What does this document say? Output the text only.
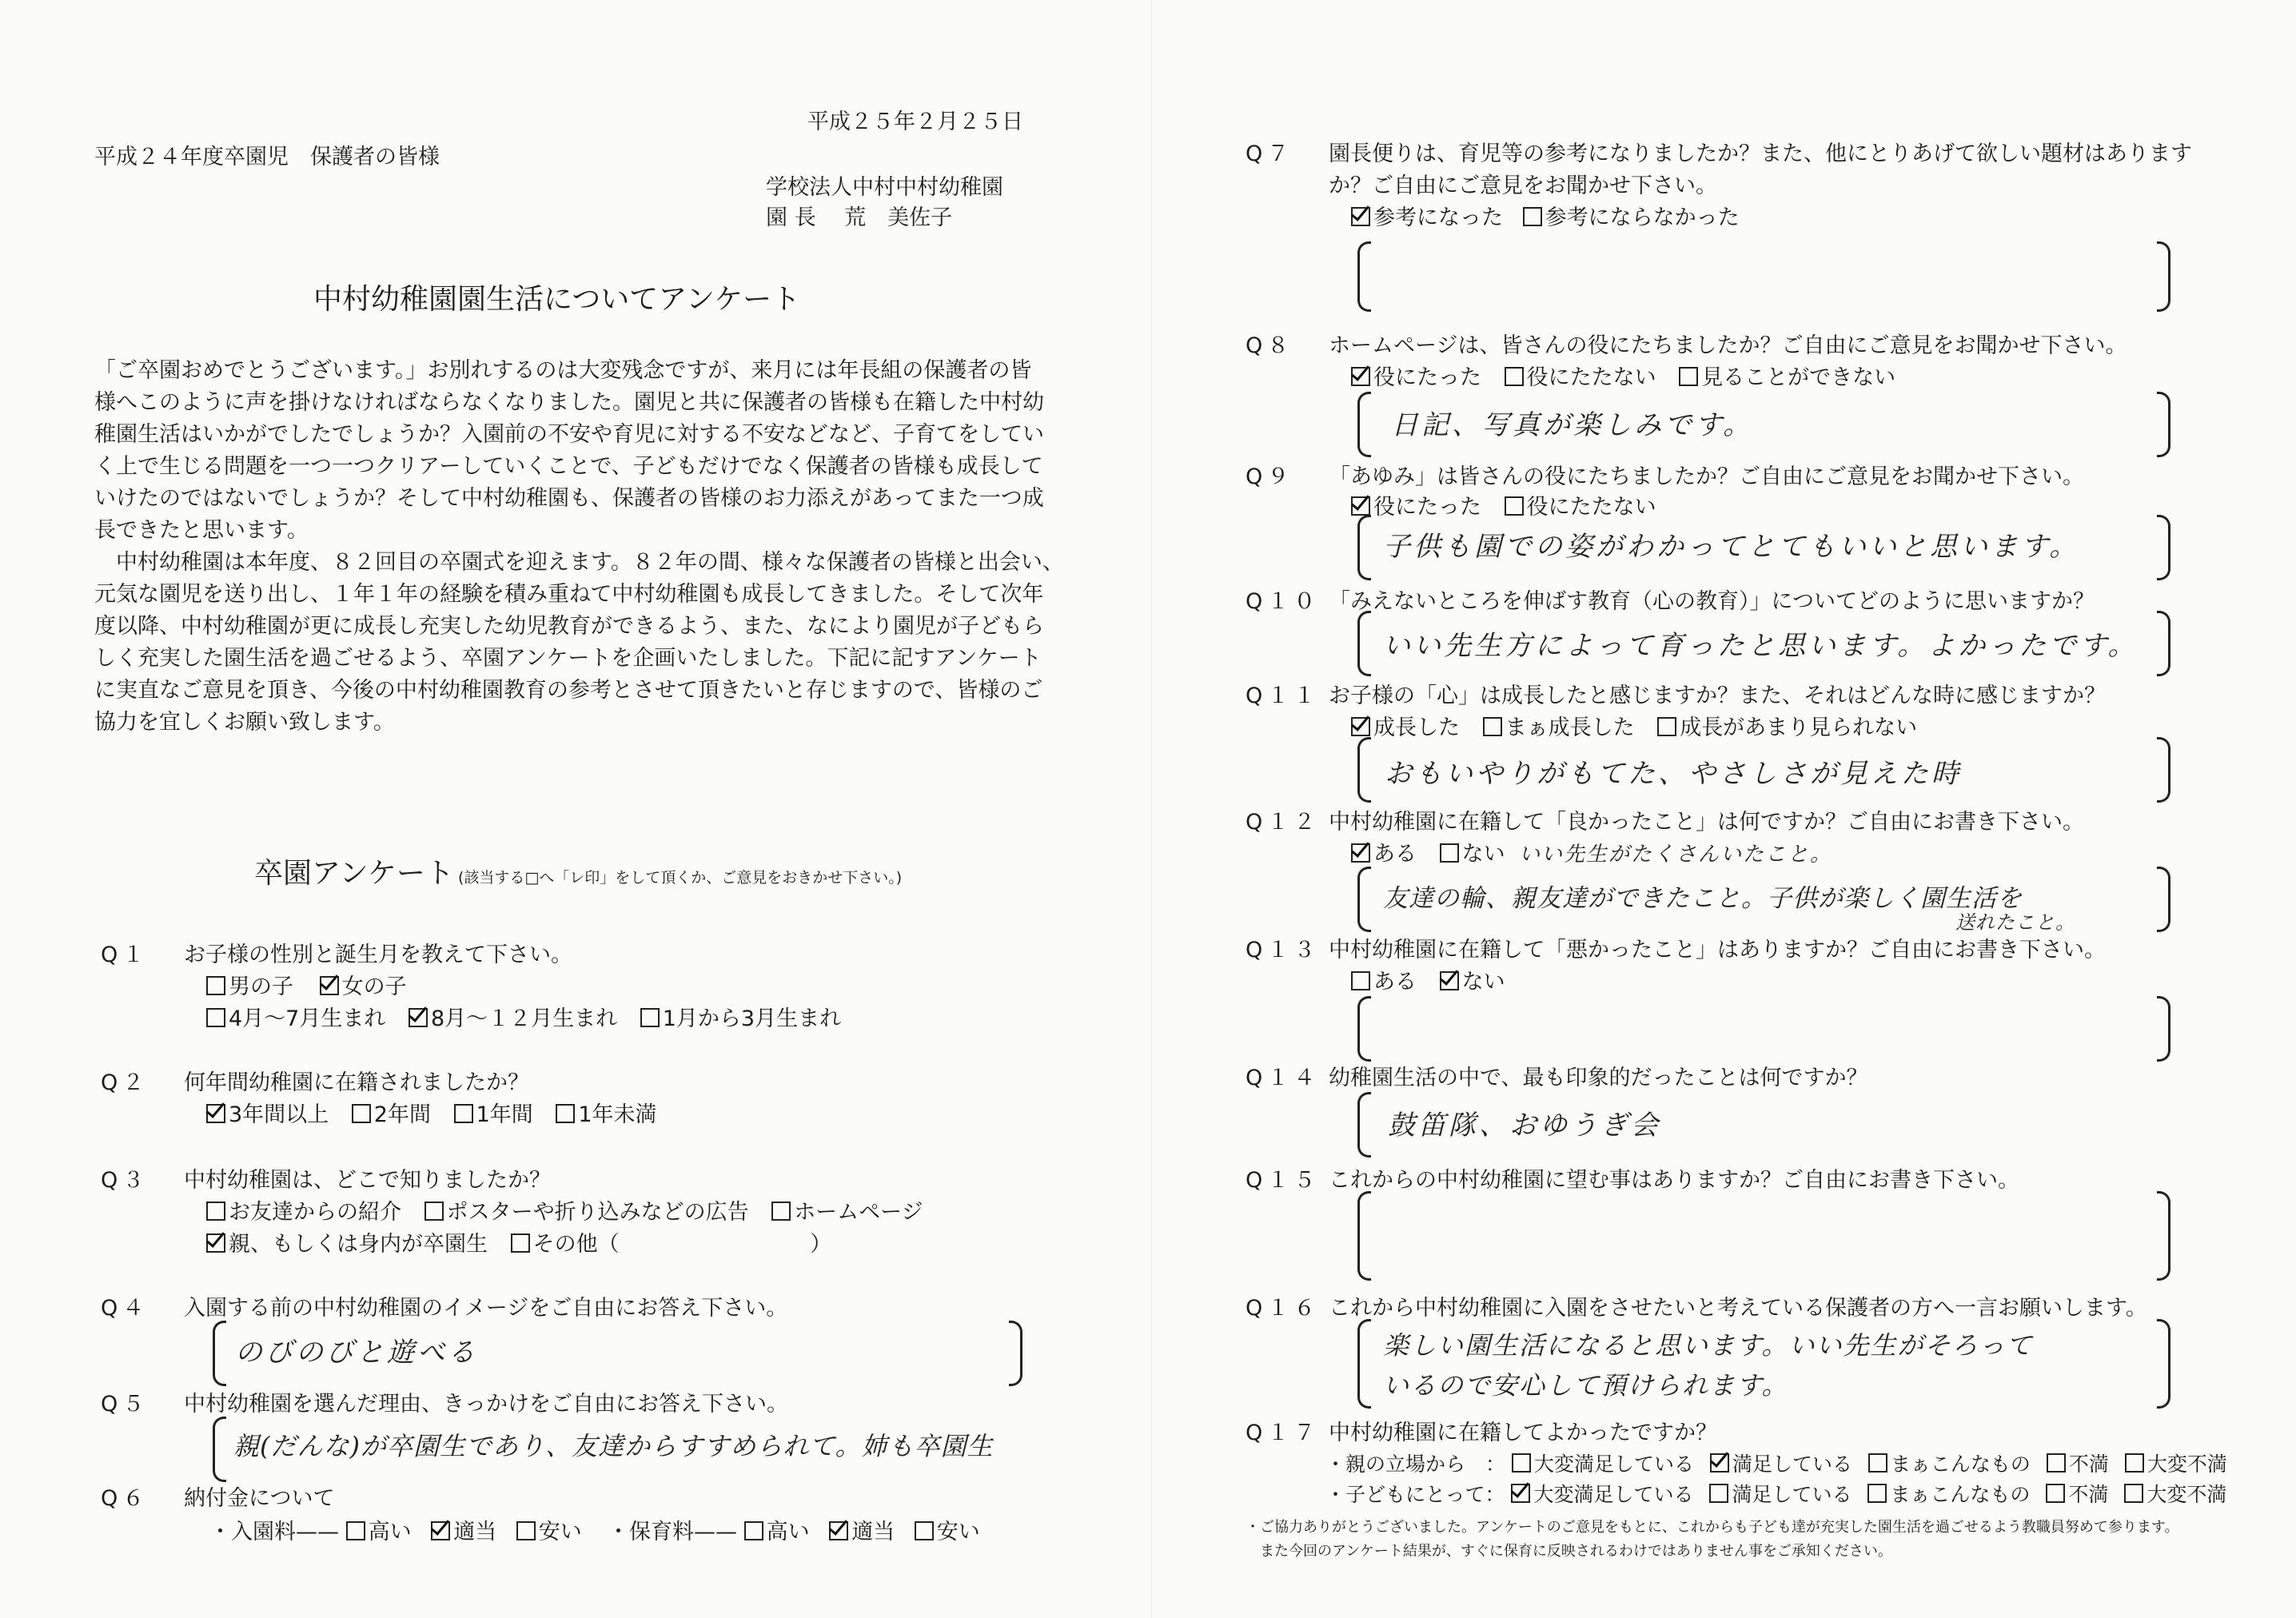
平成２４年度卒園児　保護者の皆様
平成２５年２月２５日
学校法人中村中村幼稚園
園 長　 荒　美佐子
中村幼稚園園生活についてアンケート
「ご卒園おめでとうございます。」お別れするのは大変残念ですが、来月には年長組の保護者の皆
様へこのように声を掛けなければならなくなりました。園児と共に保護者の皆様も在籍した中村幼
稚園生活はいかがでしたでしょうか？入園前の不安や育児に対する不安などなど、子育てをしてい
く上で生じる問題を一つ一つクリアーしていくことで、子どもだけでなく保護者の皆様も成長して
いけたのではないでしょうか？そして中村幼稚園も、保護者の皆様のお力添えがあってまた一つ成
長できたと思います。
　中村幼稚園は本年度、８２回目の卒園式を迎えます。８２年の間、様々な保護者の皆様と出会い、
元気な園児を送り出し、１年１年の経験を積み重ねて中村幼稚園も成長してきました。そして次年
度以降、中村幼稚園が更に成長し充実した幼児教育ができるよう、また、なにより園児が子どもら
しく充実した園生活を過ごせるよう、卒園アンケートを企画いたしました。下記に記すアンケート
に実直なご意見を頂き、今後の中村幼稚園教育の参考とさせて頂きたいと存じますので、皆様のご
協力を宜しくお願い致します。
卒園アンケート (該当する□へ「レ印」をして頂くか、ご意見をおきかせ下さい。)
Q１ お子様の性別と誕生月を教えて下さい。
男の子 女の子
4月～7月生まれ 8月～１２月生まれ 1月から3月生まれ
Q２ 何年間幼稚園に在籍されましたか？
3年間以上 2年間 1年間 1年未満
Q３ 中村幼稚園は、どこで知りましたか？
お友達からの紹介 ポスターや折り込みなどの広告 ホームページ
親、もしくは身内が卒園生 その他（	）
Q４ 入園する前の中村幼稚園のイメージをご自由にお答え下さい。
のびのびと遊べる
Q５ 中村幼稚園を選んだ理由、きっかけをご自由にお答え下さい。
親(だんな)が卒園生であり、友達からすすめられて。姉も卒園生
Q６ 納付金について
・入園料—— 高い 適当 安い ・保育料—— 高い 適当 安い
Q７ 園長便りは、育児等の参考になりましたか？また、他にとりあげて欲しい題材はあります
か？ご自由にご意見をお聞かせ下さい。
参考になった 参考にならなかった
Q８ ホームページは、皆さんの役にたちましたか？ご自由にご意見をお聞かせ下さい。
役にたった 役にたたない 見ることができない
日記、写真が楽しみです。
Q９ 「あゆみ」は皆さんの役にたちましたか？ご自由にご意見をお聞かせ下さい。
役にたった 役にたたない
子供も園での姿がわかってとてもいいと思います。
Q１０ 「みえないところを伸ばす教育（心の教育）」についてどのように思いますか？
いい先生方によって育ったと思います。よかったです。
Q１１ お子様の「心」は成長したと感じますか？また、それはどんな時に感じますか？
成長した まぁ成長した 成長があまり見られない
おもいやりがもてた、やさしさが見えた時
Q１２ 中村幼稚園に在籍して「良かったこと」は何ですか？ご自由にお書き下さい。
ある ない いい先生がたくさんいたこと。
友達の輪、親友達ができたこと。子供が楽しく園生活を
送れたこと。
Q１３ 中村幼稚園に在籍して「悪かったこと」はありますか？ご自由にお書き下さい。
ある ない
Q１４ 幼稚園生活の中で、最も印象的だったことは何ですか？
鼓笛隊、おゆうぎ会
Q１５ これからの中村幼稚園に望む事はありますか？ご自由にお書き下さい。
Q１６ これから中村幼稚園に入園をさせたいと考えている保護者の方へ一言お願いします。
楽しい園生活になると思います。いい先生がそろって
いるので安心して預けられます。
Q１７ 中村幼稚園に在籍してよかったですか？
・親の立場から　： 大変満足している 満足している まぁこんなもの 不満 大変不満
・子どもにとって： 大変満足している 満足している まぁこんなもの 不満 大変不満
・ご協力ありがとうございました。アンケートのご意見をもとに、これからも子ども達が充実した園生活を過ごせるよう教職員努めて参ります。
また今回のアンケート結果が、すぐに保育に反映されるわけではありません事をご承知ください。
